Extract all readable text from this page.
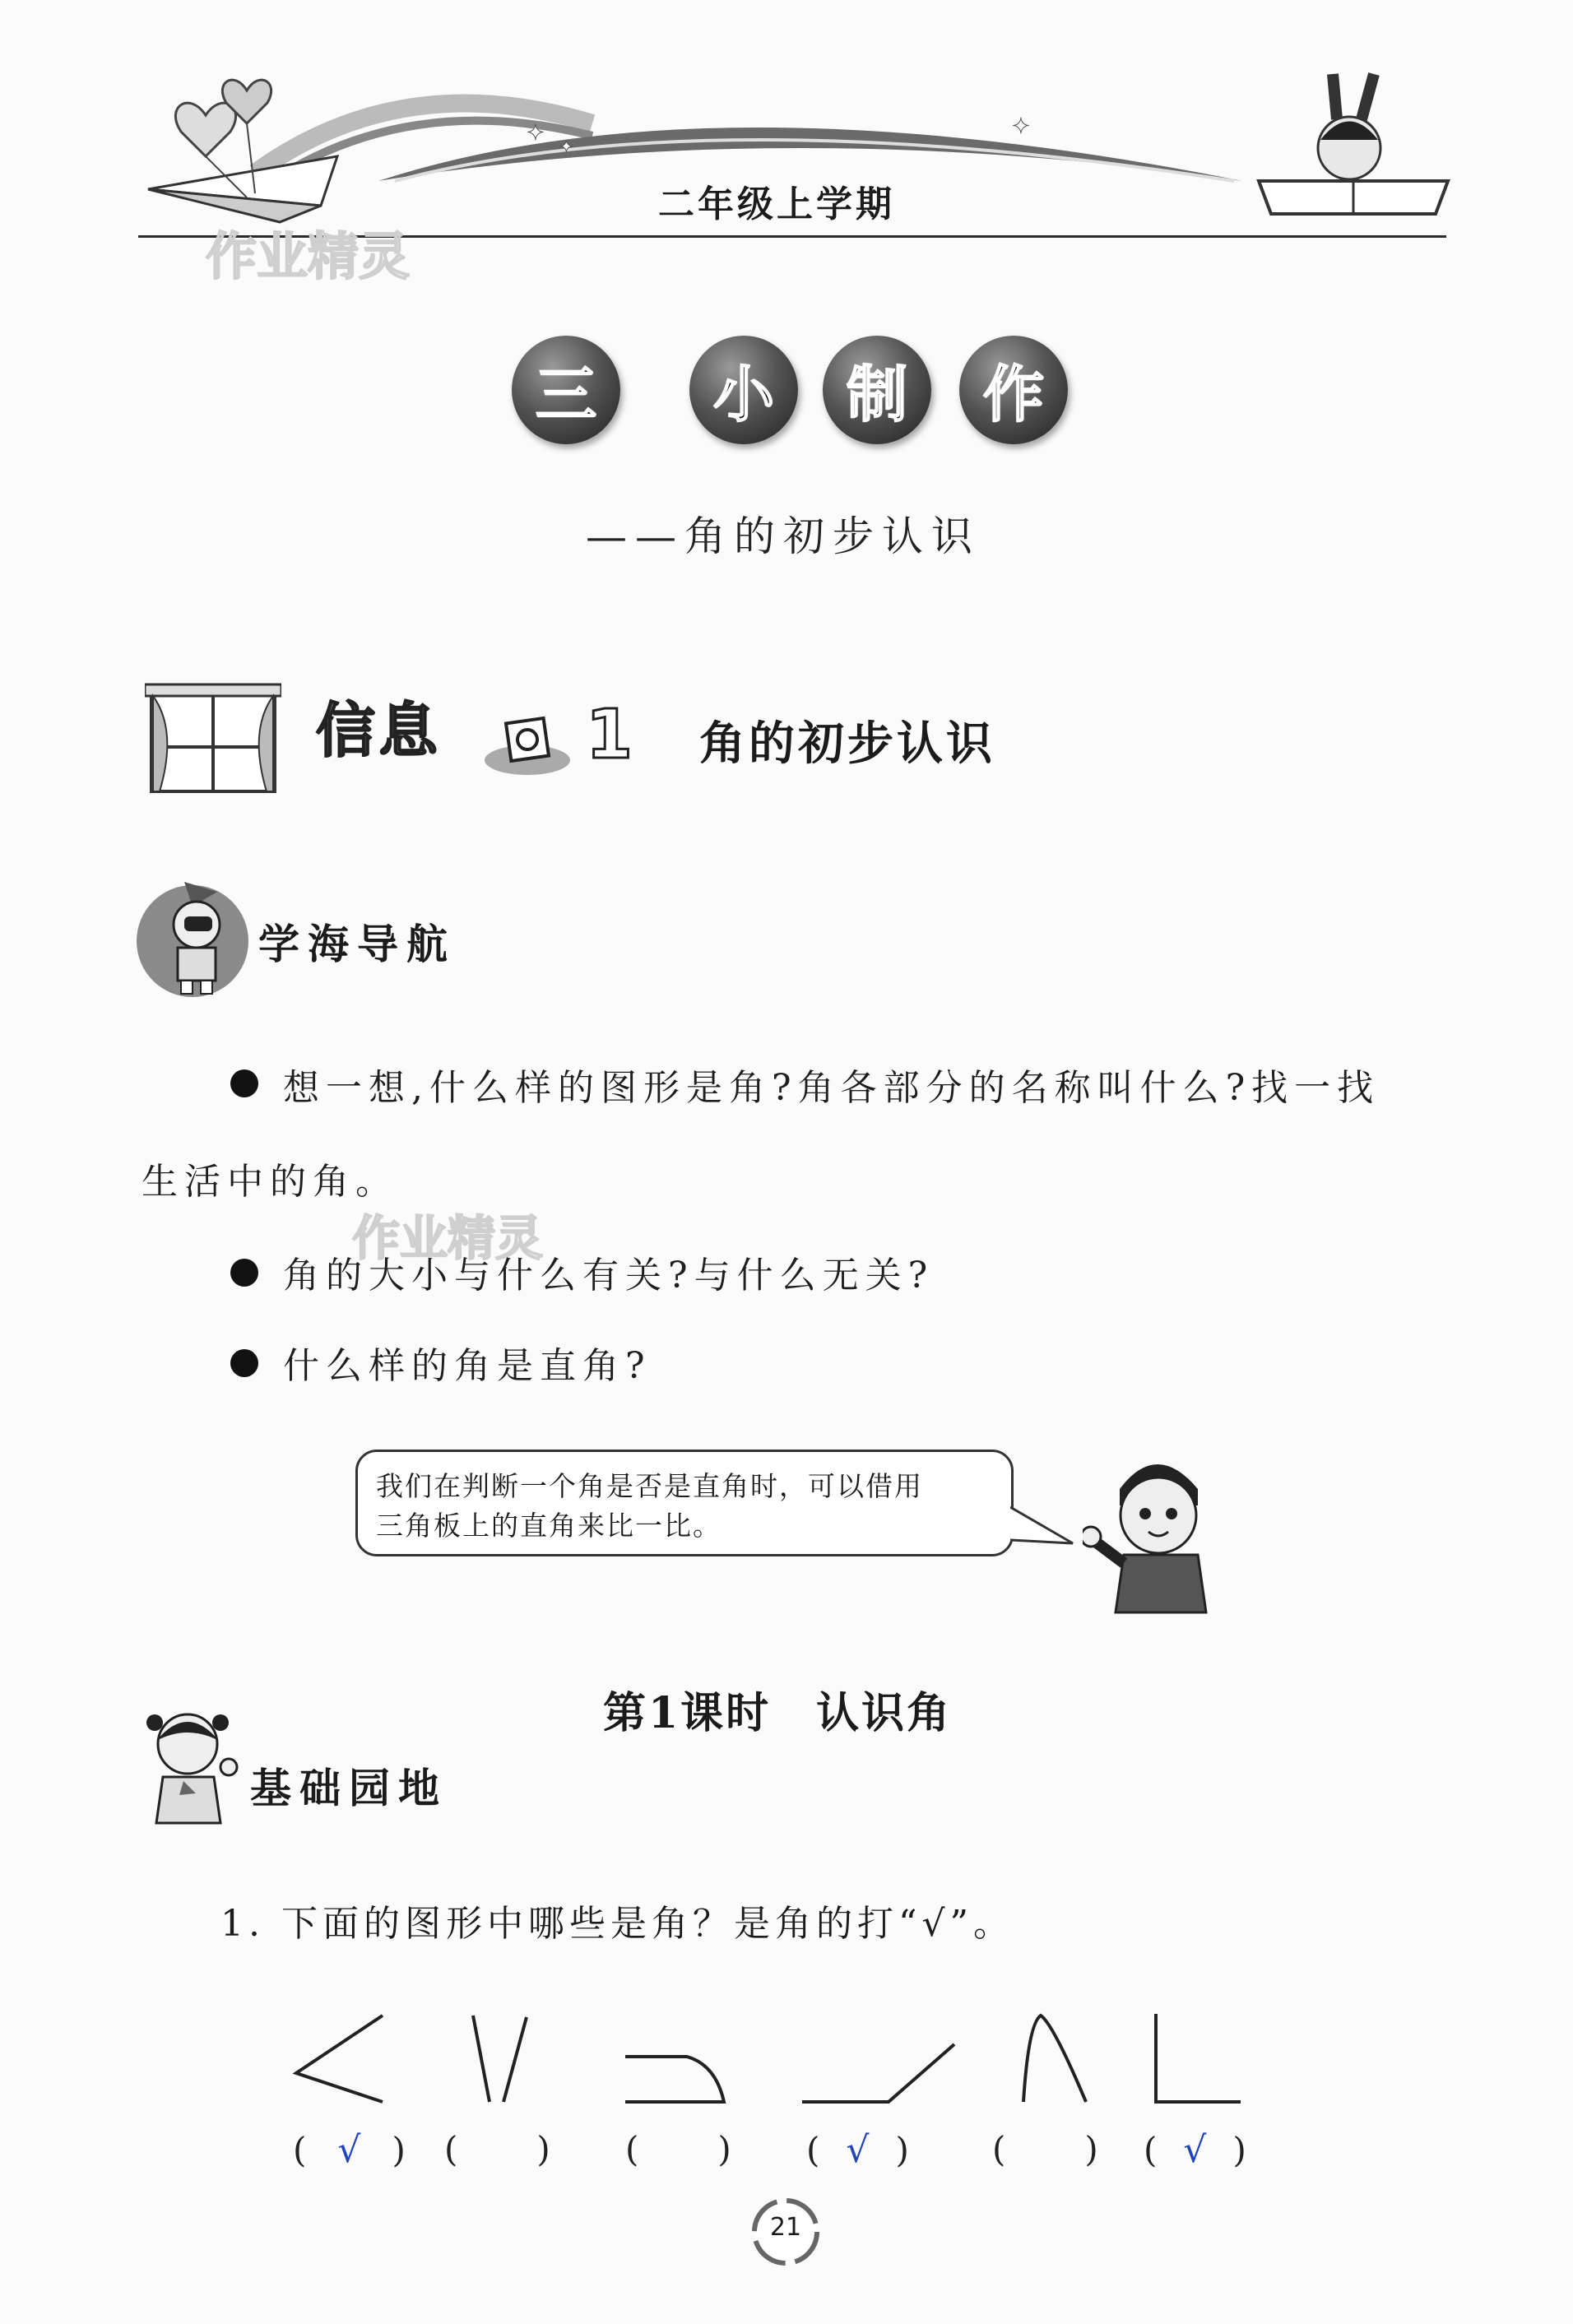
✦	✦
✦
二年级上学期
作业精灵
三 小 制 作
——角的初步认识
信息 1 角的初步认识
学海导航
想一想,什么样的图形是角?角各部分的名称叫什么?找一找
生活中的角。
作业精灵
角的大小与什么有关?与什么无关?
什么样的角是直角?
我们在判断一个角是否是直角时，可以借用
三角板上的直角来比一比。
第1课时　认识角
基础园地
1. 下面的图形中哪些是角？是角的打“√”。
( √ ) ( ) ( ) ( √ ) ( ) ( √ )
21
